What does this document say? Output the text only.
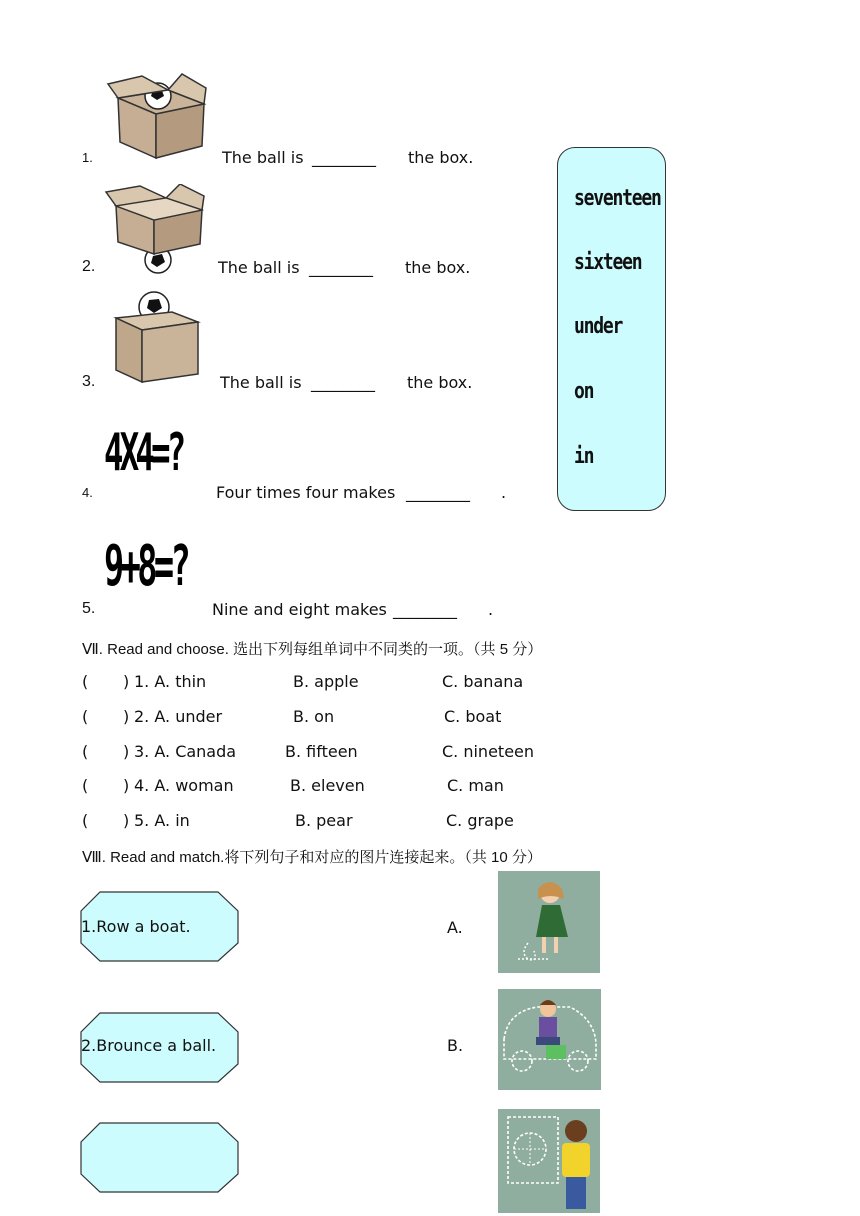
1.	The ball is ________ the box.
2.	The ball is ________ the box.
3.	The ball is ________ the box.
4X4=?
4.	Four times four makes ________ .
9+8=?
5.	Nine and eight makes ________ .
seventeen
sixteen
under
on
in
Ⅶ. Read and choose. 选出下列每组单词中不同类的一项。（共 5 分）
( ) 1. A. thin	B. apple	C. banana
( ) 2. A. under	B. on	C. boat
( ) 3. A. Canada	B. fifteen	C. nineteen
( ) 4. A. woman	B. eleven	C. man
( ) 5. A. in	B. pear	C. grape
Ⅷ. Read and match.将下列句子和对应的图片连接起来。（共 10 分）
1.Row a boat.
2.Brounce a ball.
A.
B.
